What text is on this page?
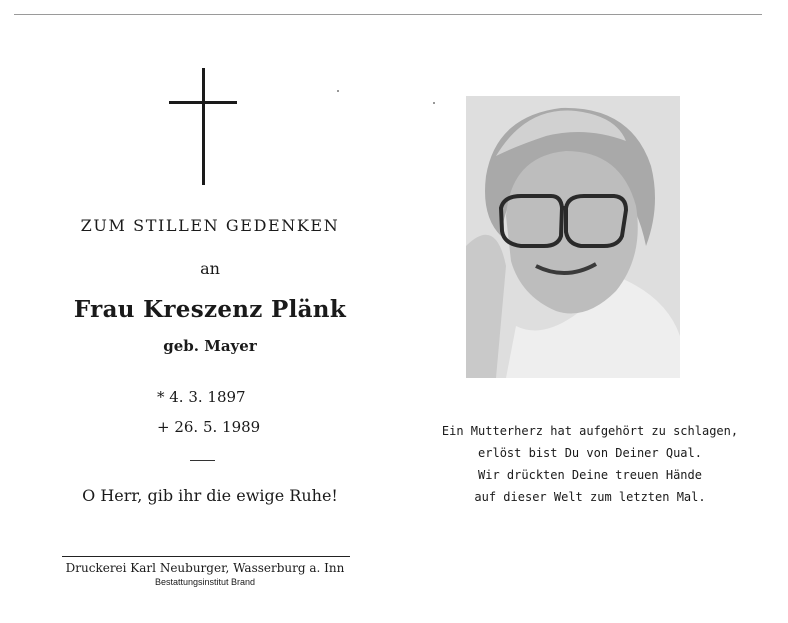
ZUM STILLEN GEDENKEN
an
Frau Kreszenz Plänk
geb. Mayer
* 4. 3. 1897
+ 26. 5. 1989
O Herr, gib ihr die ewige Ruhe!
Druckerei Karl Neuburger, Wasserburg a. Inn
Bestattungsinstitut Brand
Ein Mutterherz hat aufgehört zu schlagen,
erlöst bist Du von Deiner Qual.
Wir drückten Deine treuen Hände
auf dieser Welt zum letzten Mal.
